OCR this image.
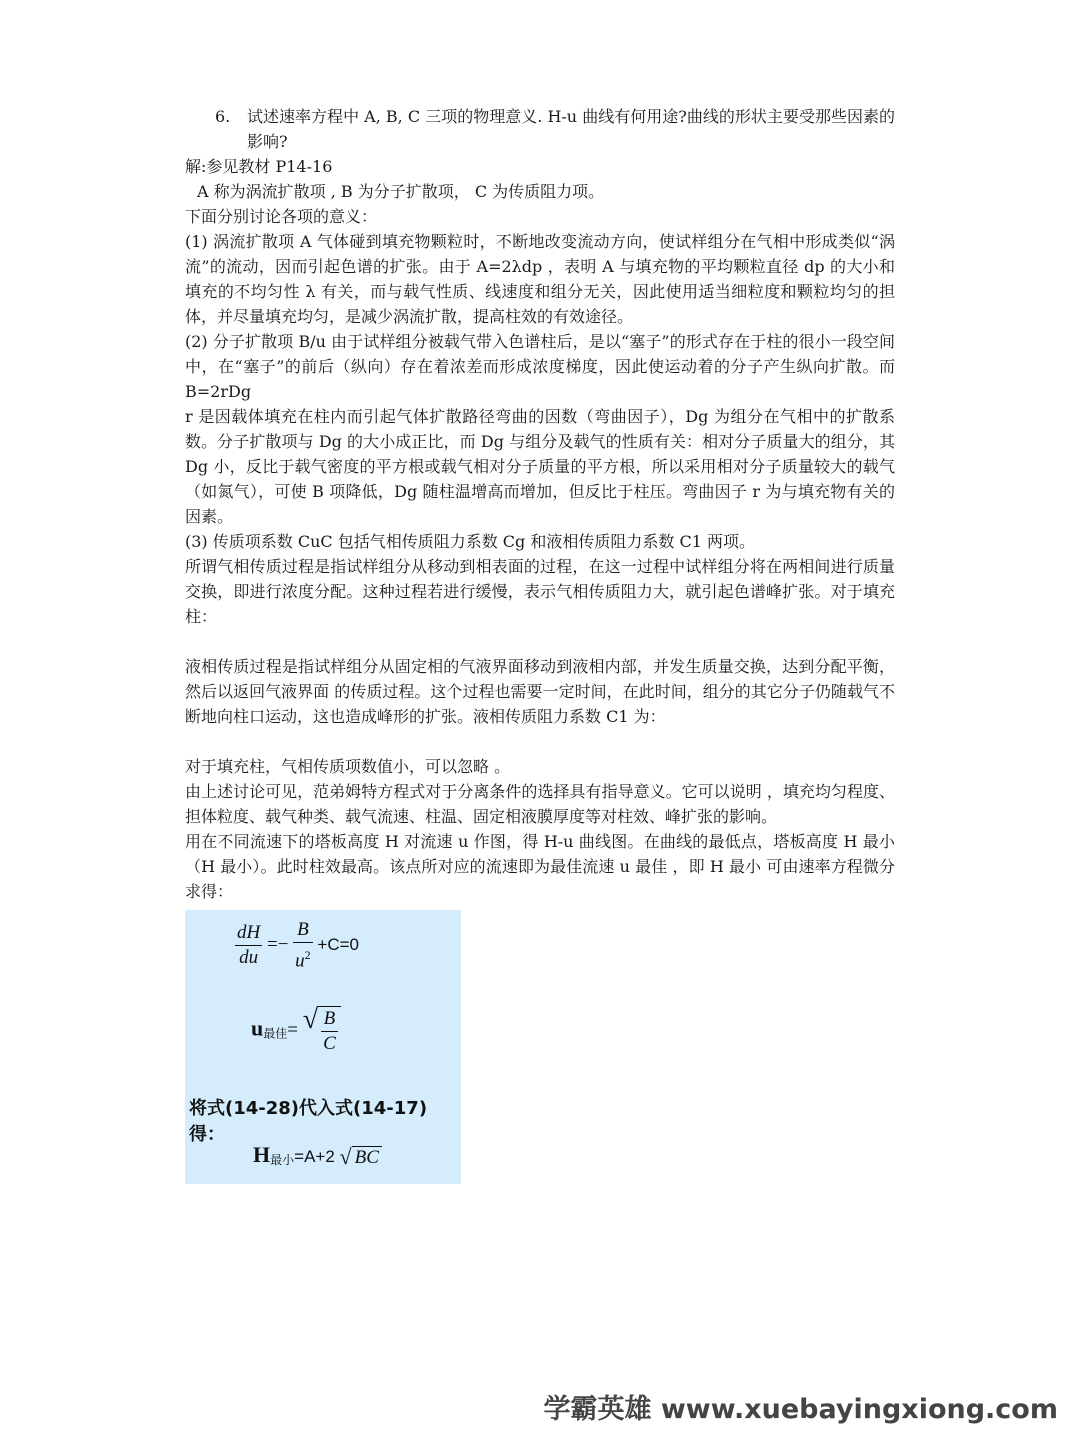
6.	试述速率方程中 A, B, C 三项的物理意义. H-u 曲线有何用途?曲线的形状主要受那些因素的影响?

解:参见教材 P14-16

A 称为涡流扩散项 , B 为分子扩散项， C 为传质阻力项。

下面分别讨论各项的意义：

(1) 涡流扩散项 A 气体碰到填充物颗粒时，不断地改变流动方向，使试样组分在气相中形成类似“涡流”的流动，因而引起色谱的扩张。由于 A=2λdp ，表明 A 与填充物的平均颗粒直径 dp 的大小和填充的不均匀性 λ 有关，而与载气性质、线速度和组分无关，因此使用适当细粒度和颗粒均匀的担体，并尽量填充均匀，是减少涡流扩散，提高柱效的有效途径。

(2) 分子扩散项 B/u 由于试样组分被载气带入色谱柱后，是以“塞子”的形式存在于柱的很小一段空间中，在“塞子”的前后（纵向）存在着浓差而形成浓度梯度，因此使运动着的分子产生纵向扩散。而 B=2rDg

r 是因载体填充在柱内而引起气体扩散路径弯曲的因数（弯曲因子），Dg 为组分在气相中的扩散系数。分子扩散项与 Dg 的大小成正比，而 Dg 与组分及载气的性质有关：相对分子质量大的组分，其 Dg 小，反比于载气密度的平方根或载气相对分子质量的平方根，所以采用相对分子质量较大的载气（如氮气），可使 B 项降低，Dg 随柱温增高而增加，但反比于柱压。弯曲因子 r 为与填充物有关的因素。

(3) 传质项系数 CuC 包括气相传质阻力系数 Cg 和液相传质阻力系数 C1 两项。

所谓气相传质过程是指试样组分从移动到相表面的过程，在这一过程中试样组分将在两相间进行质量交换，即进行浓度分配。这种过程若进行缓慢，表示气相传质阻力大，就引起色谱峰扩张。对于填充柱：

液相传质过程是指试样组分从固定相的气液界面移动到液相内部，并发生质量交换，达到分配平衡，然后以返回气液界面 的传质过程。这个过程也需要一定时间，在此时间，组分的其它分子仍随载气不断地向柱口运动，这也造成峰形的扩张。液相传质阻力系数 C1 为：

对于填充柱，气相传质项数值小，可以忽略 。

由上述讨论可见，范弟姆特方程式对于分离条件的选择具有指导意义。它可以说明 ，填充均匀程度、担体粒度、载气种类、载气流速、柱温、固定相液膜厚度等对柱效、峰扩张的影响。

用在不同流速下的塔板高度 H 对流速 u 作图，得 H-u 曲线图。在曲线的最低点，塔板高度 H 最小（H 最小）。此时柱效最高。该点所对应的流速即为最佳流速 u 最佳 ，即 H 最小 可由速率方程微分求得：

$\frac{dH}{du} =- \frac{B}{u^2} +C=0$
u最佳= √ $\frac{B}{C}$
将式(14-28)代入式(14-17)得：
H最小=A+2 √ BC
学霸英雄 www.xuebayingxiong.com
